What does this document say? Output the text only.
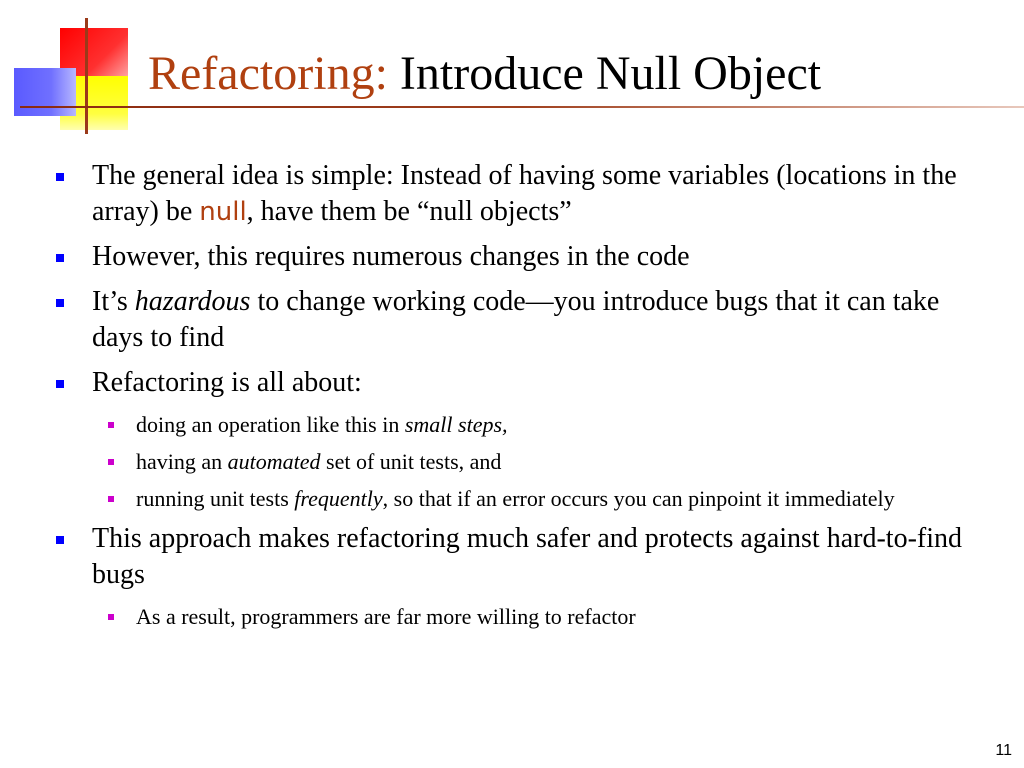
Refactoring: Introduce Null Object
The general idea is simple: Instead of having some variables (locations in the array) be null, have them be “null objects”
However, this requires numerous changes in the code
It’s hazardous to change working code—you introduce bugs that it can take days to find
Refactoring is all about:
doing an operation like this in small steps,
having an automated set of unit tests, and
running unit tests frequently, so that if an error occurs you can pinpoint it immediately
This approach makes refactoring much safer and protects against hard-to-find bugs
As a result, programmers are far more willing to refactor
11
